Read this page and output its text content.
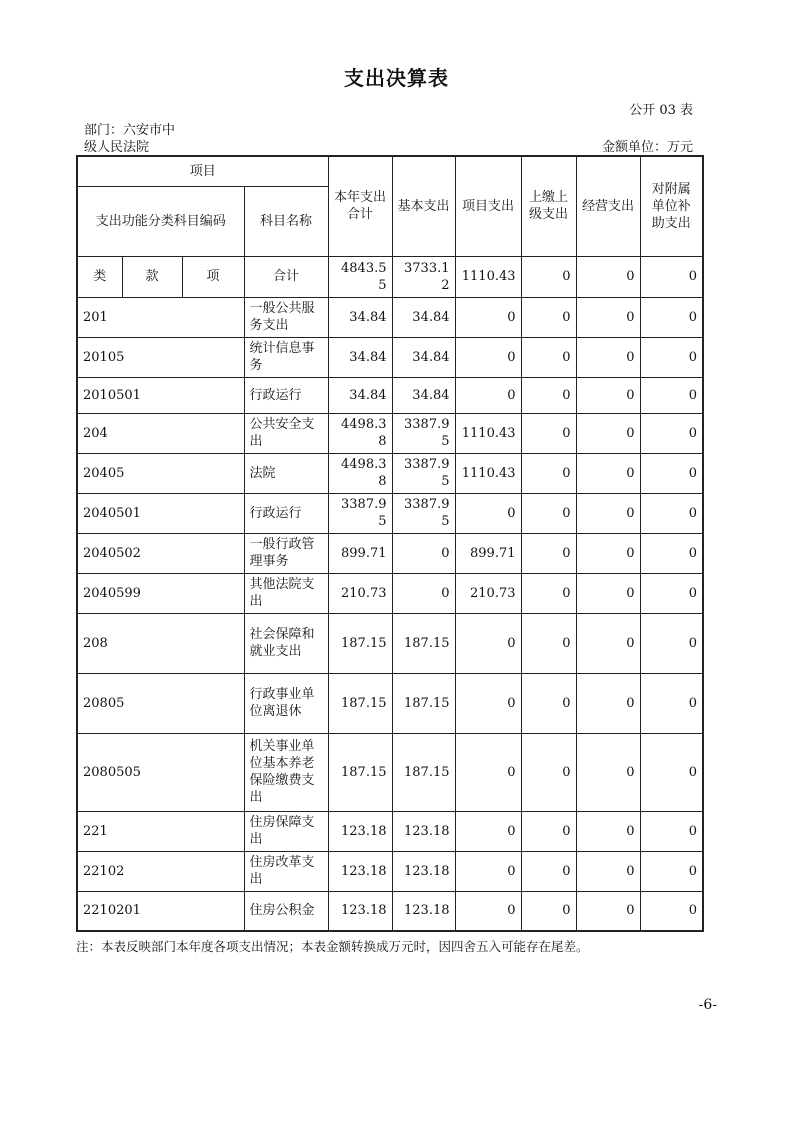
支出决算表
公开 03 表
部门：六安市中
级人民法院	金额单位：万元
项目				本年支出合计	基本支出	项目支出	上缴上级支出	经营支出	对附属单位补助支出
支出功能分类科目编码			科目名称						
类	款	项	合计	4843.55	3733.12	1110.43	0	0	0
201			一般公共服务支出	34.84	34.84	0	0	0	0
20105			统计信息事务	34.84	34.84	0	0	0	0
2010501			行政运行	34.84	34.84	0	0	0	0
204			公共安全支出	4498.38	3387.95	1110.43	0	0	0
20405			法院	4498.38	3387.95	1110.43	0	0	0
2040501			行政运行	3387.95	3387.95	0	0	0	0
2040502			一般行政管理事务	899.71	0	899.71	0	0	0
2040599			其他法院支出	210.73	0	210.73	0	0	0
208			社会保障和就业支出	187.15	187.15	0	0	0	0
20805			行政事业单位离退休	187.15	187.15	0	0	0	0
2080505			机关事业单位基本养老保险缴费支出	187.15	187.15	0	0	0	0
221			住房保障支出	123.18	123.18	0	0	0	0
22102			住房改革支出	123.18	123.18	0	0	0	0
2210201			住房公积金	123.18	123.18	0	0	0	0
注：本表反映部门本年度各项支出情况；本表金额转换成万元时，因四舍五入可能存在尾差。
-6-
